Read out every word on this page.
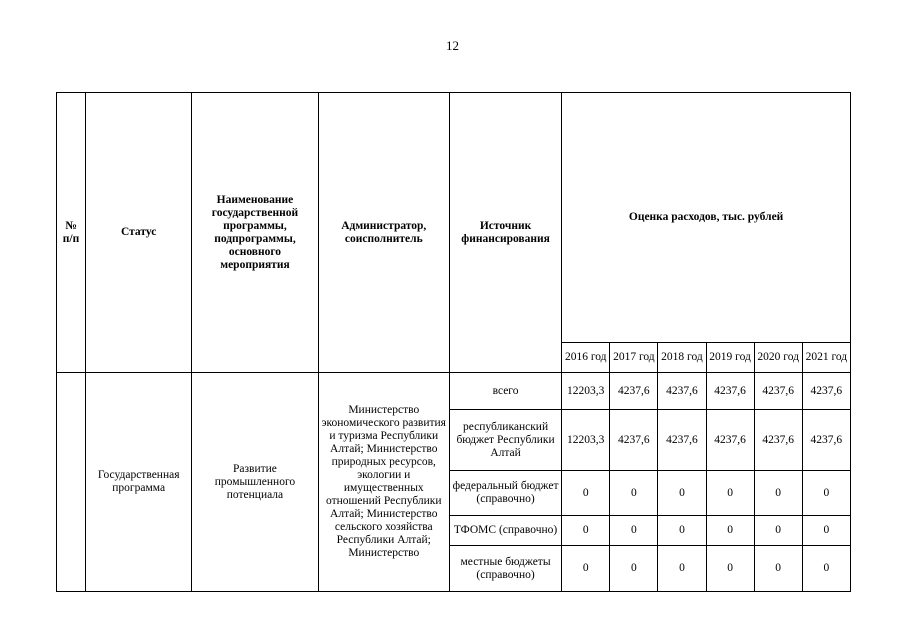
12
№ п/п	Статус	Наименование государственной программы, подпрограммы, основного мероприятия	Администратор, соисполнитель	Источник финансирования	Оценка расходов, тыс. рублей					
					2016 год	2017 год	2018 год	2019 год	2020 год	2021 год
	Государственная программа	Развитие промышленного потенциала	Министерство экономического развития и туризма Республики Алтай; Министерство природных ресурсов, экологии и имущественных отношений Республики Алтай; Министерство сельского хозяйства Республики Алтай; Министерство	всего	12203,3	4237,6	4237,6	4237,6	4237,6	4237,6
				республиканский бюджет Республики Алтай	12203,3	4237,6	4237,6	4237,6	4237,6	4237,6
				федеральный бюджет (справочно)	0	0	0	0	0	0
				ТФОМС (справочно)	0	0	0	0	0	0
				местные бюджеты (справочно)	0	0	0	0	0	0
